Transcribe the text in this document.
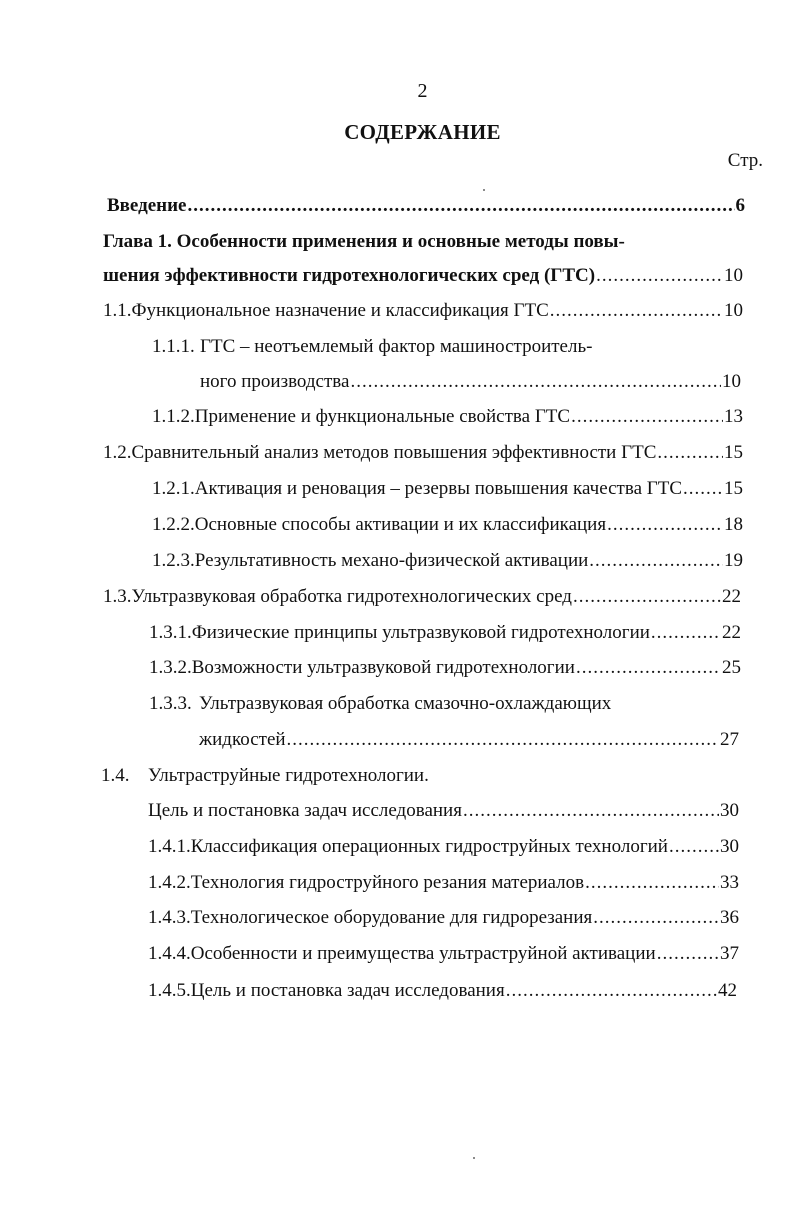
2
СОДЕРЖАНИЕ
Стр.
Введение .....	6
Глава 1. Особенности применения и основные методы повы-
шения эффективности гидротехнологических сред (ГТС) .....	10
1.1. Функциональное назначение и классификация ГТС .....	10
1.1.1. ГТС – неотъемлемый фактор машиностроитель-
ного производства .....	10
1.1.2. Применение и функциональные свойства ГТС .....	13
1.2. Сравнительный анализ методов повышения эффективности ГТС .....	15
1.2.1. Активация и реновация – резервы повышения качества ГТС ..... 15
1.2.2. Основные способы активации и их классификация .....	18
1.2.3. Результативность механо-физической активации .....	19
1.3. Ультразвуковая обработка гидротехнологических сред .....	22
1.3.1. Физические принципы ультразвуковой гидротехнологии .....	22
1.3.2. Возможности ультразвуковой гидротехнологии .....	25
1.3.3. Ультразвуковая обработка смазочно-охлаждающих
жидкостей .....	27
1.4. Ультраструйные гидротехнологии.
Цель и постановка задач исследования .....	30
1.4.1. Классификация операционных гидроструйных технологий .....	30
1.4.2. Технология гидроструйного резания материалов .....	33
1.4.3. Технологическое оборудование для гидрорезания .....	36
1.4.4. Особенности и преимущества ультраструйной активации .....	37
1.4.5. Цель и постановка задач исследования .....	42
